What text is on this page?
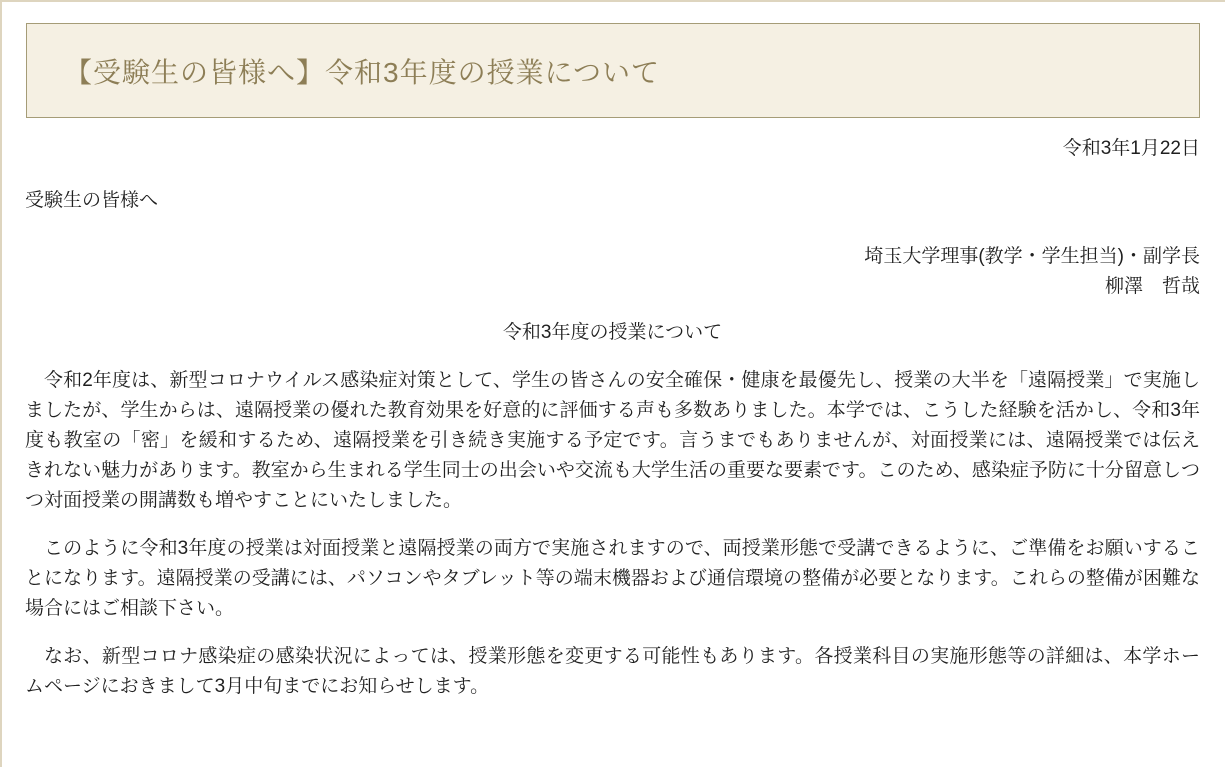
【受験生の皆様へ】令和3年度の授業について
令和3年1月22日
受験生の皆様へ
埼玉大学理事(教学・学生担当)・副学長
柳澤　哲哉
令和3年度の授業について

令和2年度は、新型コロナウイルス感染症対策として、学生の皆さんの安全確保・健康を最優先し、授業の大半を「遠隔授業」で実施しましたが、学生からは、遠隔授業の優れた教育効果を好意的に評価する声も多数ありました。本学では、こうした経験を活かし、令和3年度も教室の「密」を緩和するため、遠隔授業を引き続き実施する予定です。言うまでもありませんが、対面授業には、遠隔授業では伝えきれない魅力があります。教室から生まれる学生同士の出会いや交流も大学生活の重要な要素です。このため、感染症予防に十分留意しつつ対面授業の開講数も増やすことにいたしました。

このように令和3年度の授業は対面授業と遠隔授業の両方で実施されますので、両授業形態で受講できるように、ご準備をお願いすることになります。遠隔授業の受講には、パソコンやタブレット等の端末機器および通信環境の整備が必要となります。これらの整備が困難な場合にはご相談下さい。

なお、新型コロナ感染症の感染状況によっては、授業形態を変更する可能性もあります。各授業科目の実施形態等の詳細は、本学ホームページにおきまして3月中旬までにお知らせします。
